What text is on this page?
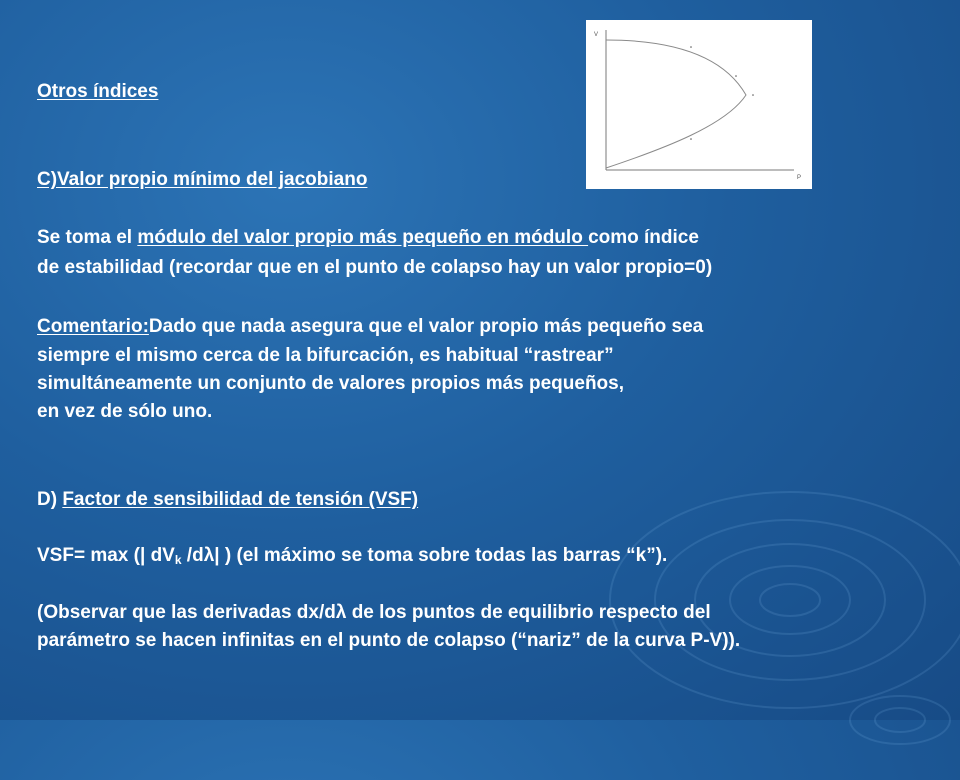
Otros índices
V
P
C)Valor propio mínimo del jacobiano
Se toma el módulo del valor propio más pequeño en módulo como índice
de estabilidad (recordar que en el punto de colapso hay un valor propio=0)
Comentario:Dado que nada asegura que el valor propio más pequeño sea
siempre el mismo cerca de la bifurcación, es habitual “rastrear”
simultáneamente un conjunto de valores propios más pequeños,
en vez de sólo uno.
D) Factor de sensibilidad de tensión (VSF)
VSF= max (| $dV_k$ /dλ| ) (el máximo se toma sobre todas las barras “k”).
(Observar que las derivadas dx/dλ de los puntos de equilibrio respecto del
parámetro se hacen infinitas en el punto de colapso (“nariz” de la curva P-V)).
